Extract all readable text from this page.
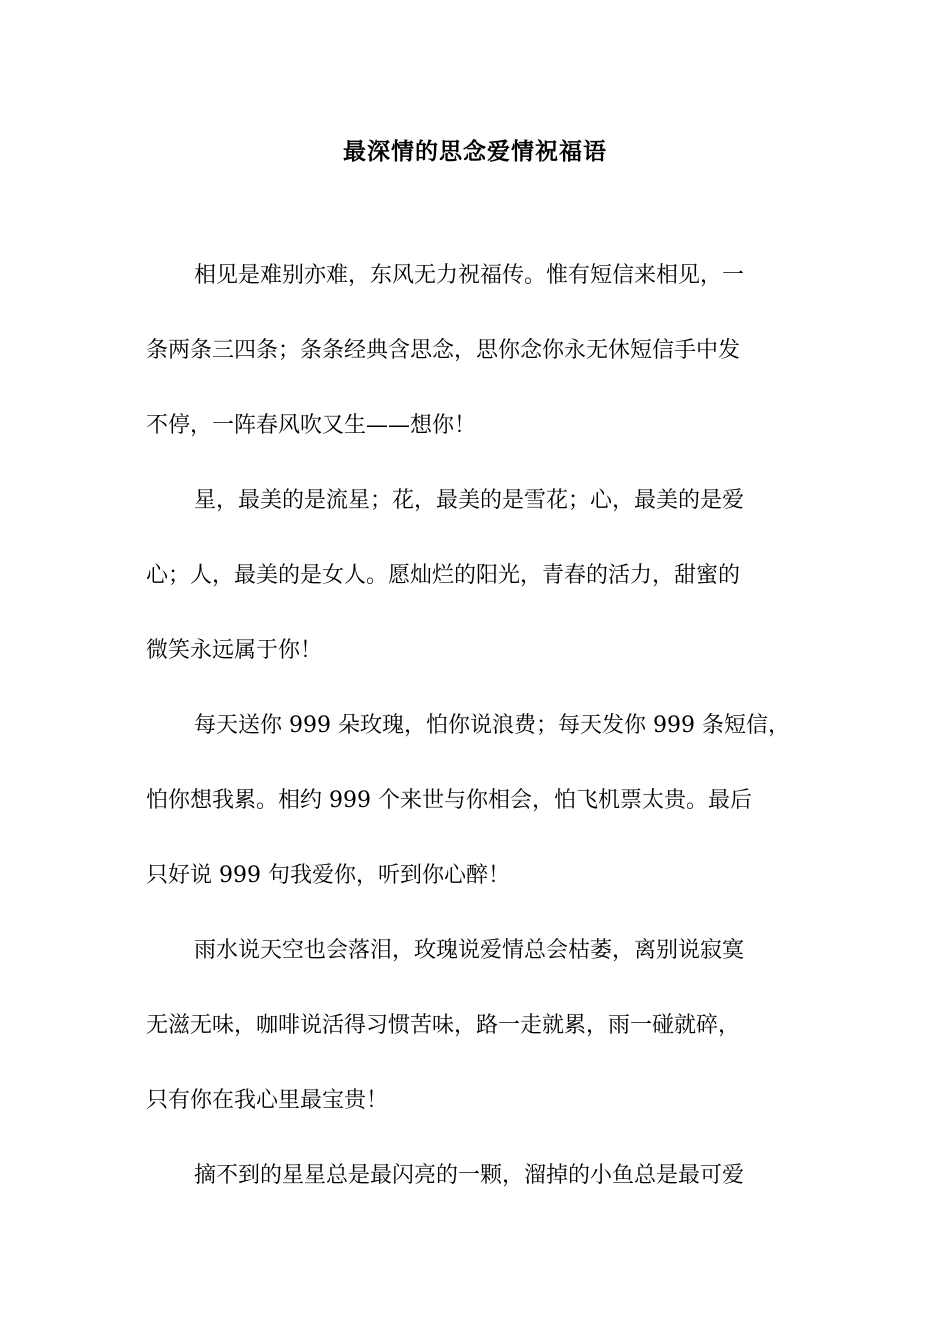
最深情的思念爱情祝福语
相见是难别亦难，东风无力祝福传。惟有短信来相见，一
条两条三四条；条条经典含思念，思你念你永无休短信手中发
不停，一阵春风吹又生——想你！
星，最美的是流星；花，最美的是雪花；心，最美的是爱
心；人，最美的是女人。愿灿烂的阳光，青春的活力，甜蜜的
微笑永远属于你！
每天送你 999 朵玫瑰，怕你说浪费；每天发你 999 条短信，
怕你想我累。相约 999 个来世与你相会，怕飞机票太贵。最后
只好说 999 句我爱你，听到你心醉！
雨水说天空也会落泪，玫瑰说爱情总会枯萎，离别说寂寞
无滋无味，咖啡说活得习惯苦味，路一走就累，雨一碰就碎，
只有你在我心里最宝贵！
摘不到的星星总是最闪亮的一颗，溜掉的小鱼总是最可爱
